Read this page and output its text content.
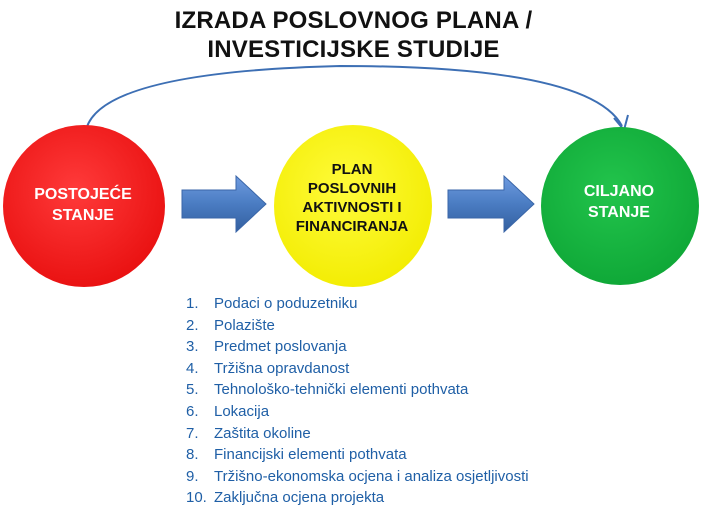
IZRADA POSLOVNOG PLANA /
INVESTICIJSKE STUDIJE
POSTOJEĆE
STANJE
PLAN
POSLOVNIH
AKTIVNOSTI I
FINANCIRANJA
CILJANO
STANJE
1. Podaci o poduzetniku
2. Polazište
3. Predmet poslovanja
4. Tržišna opravdanost
5. Tehnološko-tehnički elementi pothvata
6. Lokacija
7. Zaštita okoline
8. Financijski elementi pothvata
9. Tržišno-ekonomska ocjena i analiza osjetljivosti
10. Zaključna ocjena projekta
